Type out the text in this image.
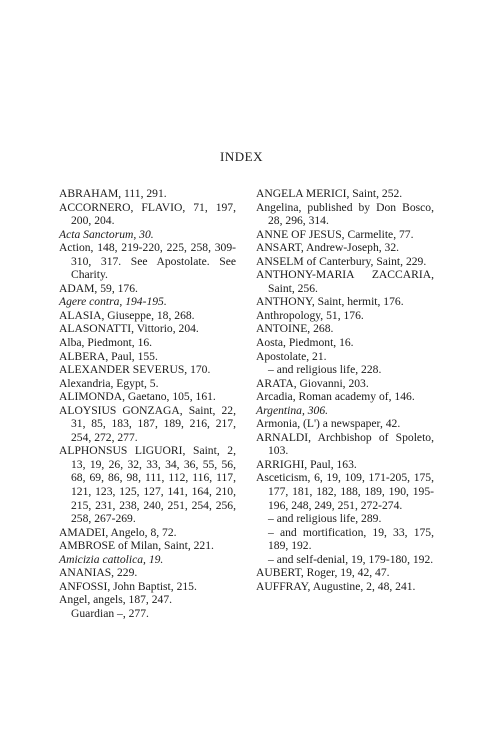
INDEX
ABRAHAM, 111, 291.
ACCORNERO, FLAVIO, 71, 197, 200, 204.
Acta Sanctorum, 30.
Action, 148, 219-220, 225, 258, 309-310, 317. See Apostolate. See Charity.
ADAM, 59, 176.
Agere contra, 194-195.
ALASIA, Giuseppe, 18, 268.
ALASONATTI, Vittorio, 204.
Alba, Piedmont, 16.
ALBERA, Paul, 155.
ALEXANDER SEVERUS, 170.
Alexandria, Egypt, 5.
ALIMONDA, Gaetano, 105, 161.
ALOYSIUS GONZAGA, Saint, 22, 31, 85, 183, 187, 189, 216, 217, 254, 272, 277.
ALPHONSUS LIGUORI, Saint, 2, 13, 19, 26, 32, 33, 34, 36, 55, 56, 68, 69, 86, 98, 111, 112, 116, 117, 121, 123, 125, 127, 141, 164, 210, 215, 231, 238, 240, 251, 254, 256, 258, 267-269.
AMADEI, Angelo, 8, 72.
AMBROSE of Milan, Saint, 221.
Amicizia cattolica, 19.
ANANIAS, 229.
ANFOSSI, John Baptist, 215.
Angel, angels, 187, 247.
Guardian –, 277.
ANGELA MERICI, Saint, 252.
Angelina, published by Don Bosco, 28, 296, 314.
ANNE OF JESUS, Carmelite, 77.
ANSART, Andrew-Joseph, 32.
ANSELM of Canterbury, Saint, 229.
ANTHONY-MARIA ZACCARIA, Saint, 256.
ANTHONY, Saint, hermit, 176.
Anthropology, 51, 176.
ANTOINE, 268.
Aosta, Piedmont, 16.
Apostolate, 21.
– and religious life, 228.
ARATA, Giovanni, 203.
Arcadia, Roman academy of, 146.
Argentina, 306.
Armonia, (L') a newspaper, 42.
ARNALDI, Archbishop of Spoleto, 103.
ARRIGHI, Paul, 163.
Asceticism, 6, 19, 109, 171-205, 175, 177, 181, 182, 188, 189, 190, 195-196, 248, 249, 251, 272-274.
– and religious life, 289.
– and mortification, 19, 33, 175, 189, 192.
– and self-denial, 19, 179-180, 192.
AUBERT, Roger, 19, 42, 47.
AUFFRAY, Augustine, 2, 48, 241.
